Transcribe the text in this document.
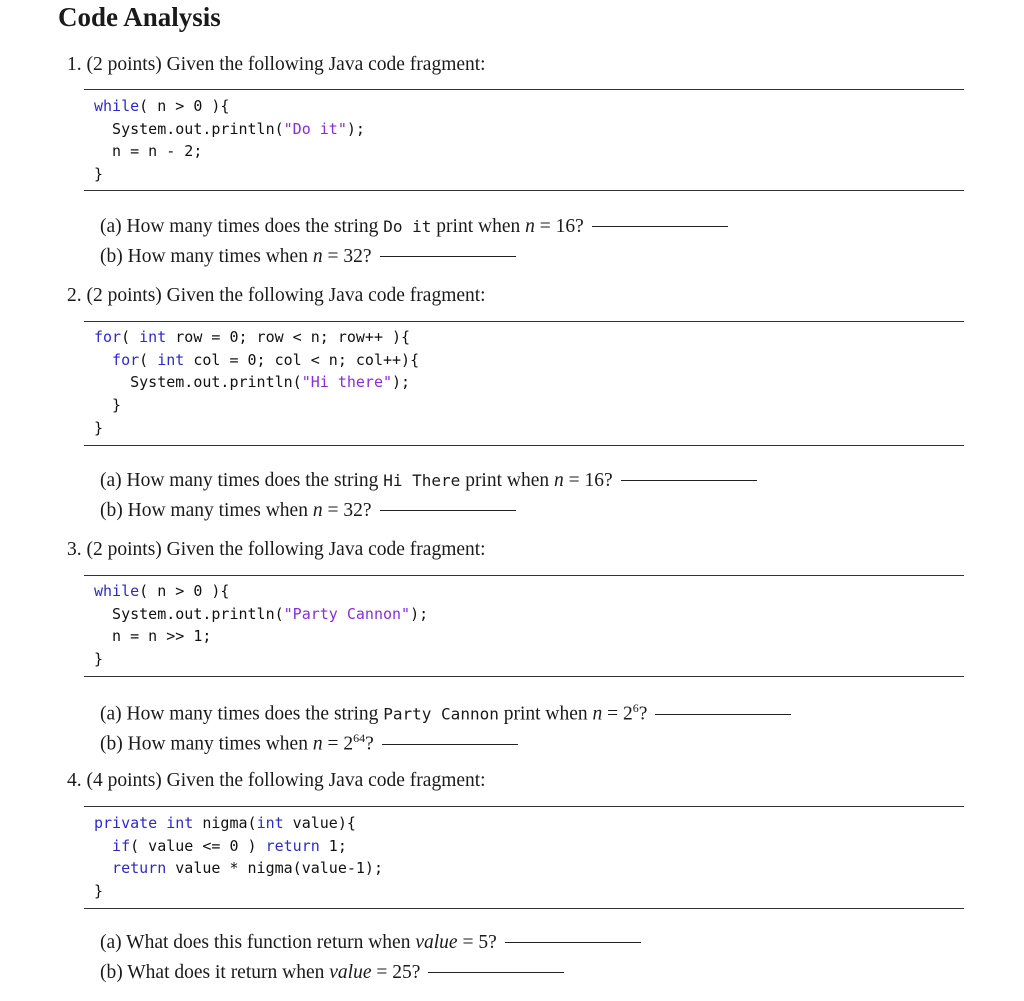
Code Analysis
1. (2 points) Given the following Java code fragment:
while( n > 0 ){
System.out.println("Do it");
n = n - 2;
}
(a) How many times does the string Do it print when n = 16?
(b) How many times when n = 32?
2. (2 points) Given the following Java code fragment:
for( int row = 0; row < n; row++ ){
for( int col = 0; col < n; col++){
System.out.println("Hi there");
}
}
(a) How many times does the string Hi There print when n = 16?
(b) How many times when n = 32?
3. (2 points) Given the following Java code fragment:
while( n > 0 ){
System.out.println("Party Cannon");
n = n >> 1;
}
(a) How many times does the string Party Cannon print when $n = 2^6$?
(b) How many times when $n = 2^{64}$?
4. (4 points) Given the following Java code fragment:
private int nigma(int value){
if( value <= 0 ) return 1;
return value * nigma(value-1);
}
(a) What does this function return when value = 5?
(b) What does it return when value = 25?
